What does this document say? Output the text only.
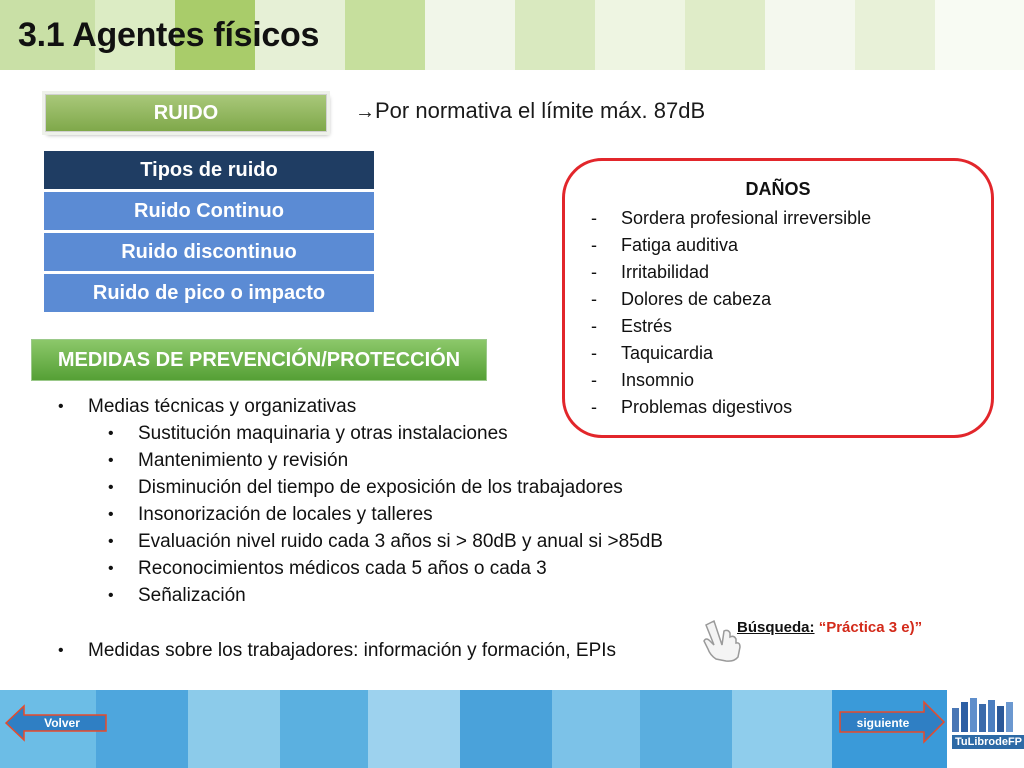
3.1 Agentes físicos
RUIDO	→Por normativa el límite máx. 87dB
Tipos de ruido
Ruido Continuo
Ruido discontinuo
Ruido de pico o impacto
MEDIDAS DE PREVENCIÓN/PROTECCIÓN
• Medias técnicas y organizativas
• Sustitución maquinaria y otras instalaciones
• Mantenimiento y revisión
• Disminución del tiempo de exposición de los trabajadores
• Insonorización de locales y talleres
• Evaluación nivel ruido cada 3 años si > 80dB y anual si >85dB
• Reconocimientos médicos cada 5 años o cada 3
• Señalización
• Medidas sobre los trabajadores: información y formación, EPIs
DAÑOS
- Sordera profesional irreversible
- Fatiga auditiva
- Irritabilidad
- Dolores de cabeza
- Estrés
- Taquicardia
- Insomnio
- Problemas digestivos
Búsqueda: “Práctica 3 e)”
Volver	siguiente
TuLibrodeFP
